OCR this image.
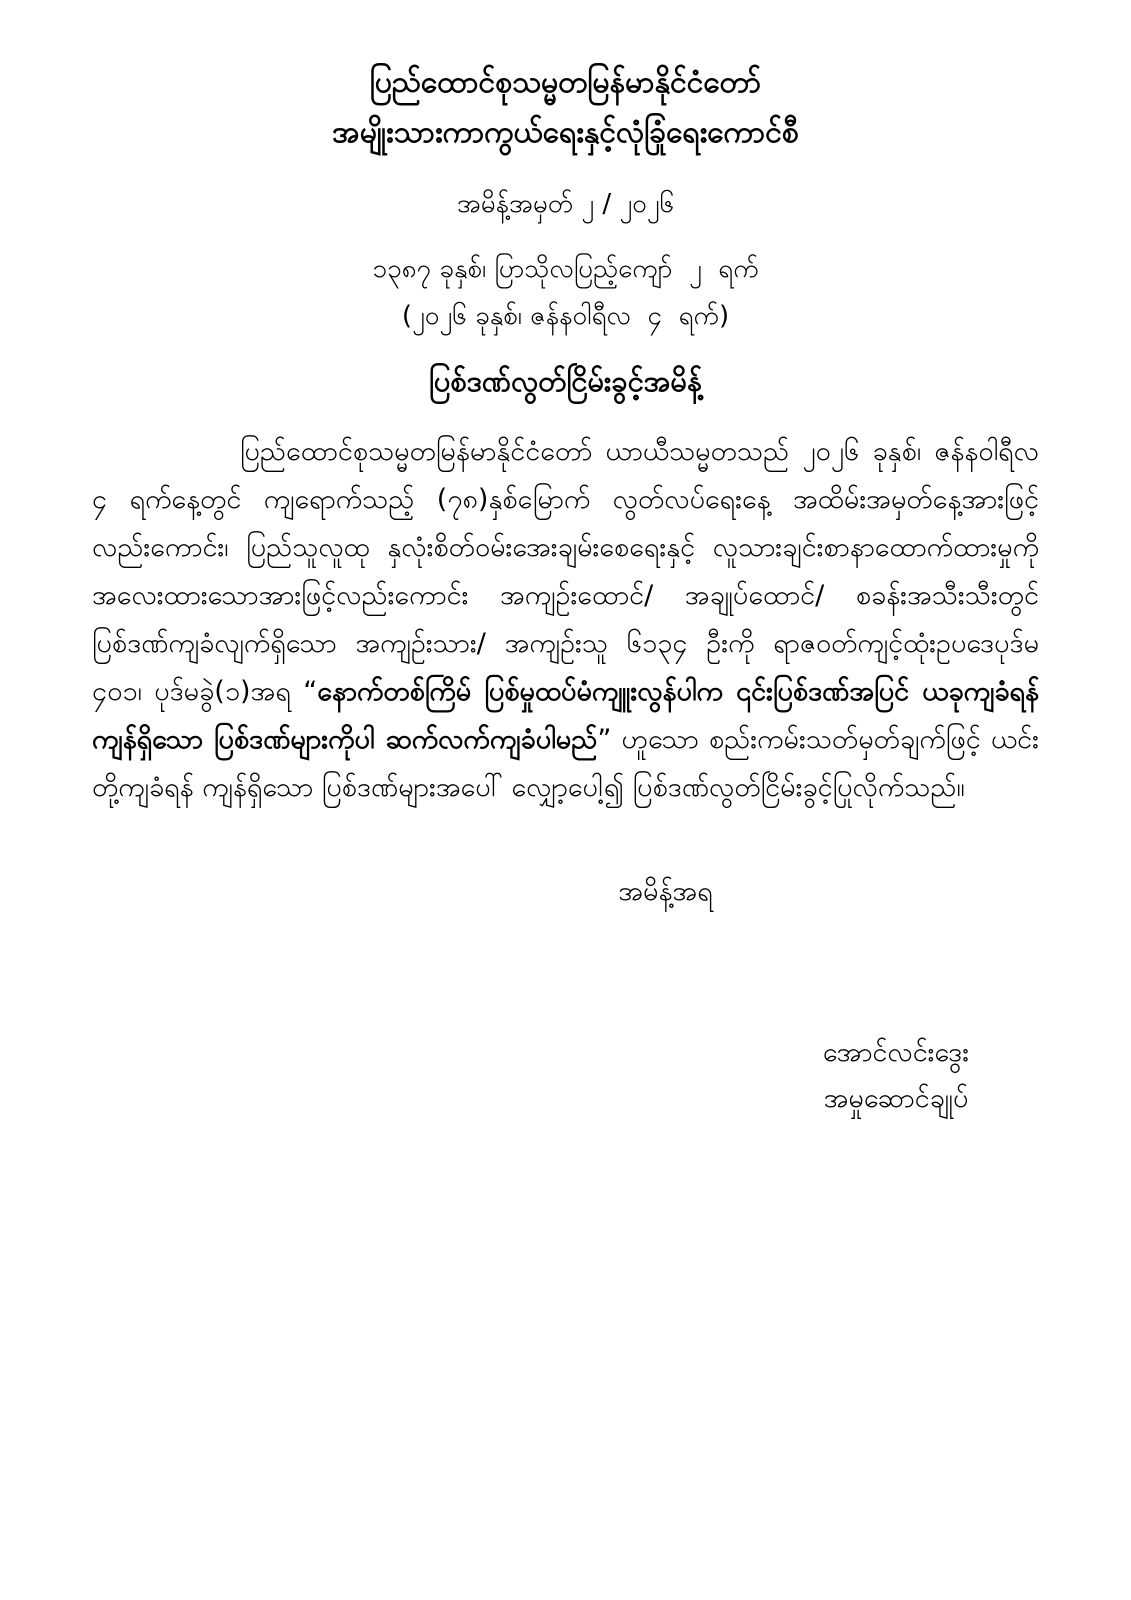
ပြည်ထောင်စုသမ္မတမြန်မာနိုင်ငံတော်
အမျိုးသားကာကွယ်ရေးနှင့်လုံခြုံရေးကောင်စီ
အမိန့်အမှတ် ၂ / ၂၀၂၆
၁၃၈၇ ခုနှစ်၊ ပြာသိုလပြည့်ကျော်  ၂  ရက်
(၂၀၂၆ ခုနှစ်၊ ဇန်နဝါရီလ  ၄  ရက်)
ပြစ်ဒဏ်လွတ်ငြိမ်းခွင့်အမိန့်

ပြည်ထောင်စုသမ္မတမြန်မာနိုင်ငံတော် ယာယီသမ္မတသည် ၂၀၂၆ ခုနှစ်၊ ဇန်နဝါရီလ ၄ ရက်နေ့တွင် ကျရောက်သည့် (၇၈)နှစ်မြောက် လွတ်လပ်ရေးနေ့ အထိမ်းအမှတ်နေ့အားဖြင့် လည်းကောင်း၊ ပြည်သူလူထု နှလုံးစိတ်ဝမ်းအေးချမ်းစေရေးနှင့် လူသားချင်းစာနာထောက်ထားမှုကို အလေးထားသောအားဖြင့်လည်းကောင်း အကျဉ်းထောင်/ အချုပ်ထောင်/ စခန်းအသီးသီးတွင် ပြစ်ဒဏ်ကျခံလျက်ရှိသော အကျဉ်းသား/ အကျဉ်းသူ ၆၁၃၄ ဦးကို ရာဇဝတ်ကျင့်ထုံးဥပဒေပုဒ်မ ၄၀၁၊ ပုဒ်မခွဲ(၁)အရ “နောက်တစ်ကြိမ် ပြစ်မှုထပ်မံကျူးလွန်ပါက ၎င်းပြစ်ဒဏ်အပြင် ယခုကျခံရန် ကျန်ရှိသော ပြစ်ဒဏ်များကိုပါ ဆက်လက်ကျခံပါမည်” ဟူသော စည်းကမ်းသတ်မှတ်ချက်ဖြင့် ယင်းတို့ကျခံရန် ကျန်ရှိသော ပြစ်ဒဏ်များအပေါ် လျှော့ပေါ့၍ ပြစ်ဒဏ်လွတ်ငြိမ်းခွင့်ပြုလိုက်သည်။

အမိန့်အရ
အောင်လင်းဒွေး
အမှုဆောင်ချုပ်
